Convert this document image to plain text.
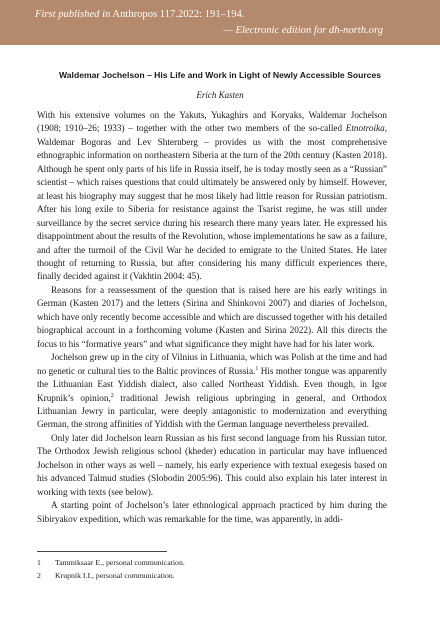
First published in Anthropos 117.2022: 191–194.
— Electronic edition for dh-north.org
Waldemar Jochelson – His Life and Work in Light of Newly Accessible Sources
Erich Kasten

With his extensive volumes on the Yakuts, Yukaghirs and Koryaks, Waldemar Jochelson (1908; 1910–26; 1933) – together with the other two members of the so-called Etnotroika, Waldemar Bogoras and Lev Shternberg – provides us with the most comprehensive ethnographic information on northeastern Siberia at the turn of the 20th century (Kasten 2018). Although he spent only parts of his life in Russia itself, he is today mostly seen as a “Russian” scientist – which raises questions that could ultimately be answered only by himself. However, at least his biography may suggest that he most likely had little reason for Russian patriotism. After his long exile to Siberia for resistance against the Tsarist regime, he was still under surveillance by the secret service during his research there many years later. He expressed his disappointment about the results of the Revolution, whose implementations he saw as a failure, and after the turmoil of the Civil War he decided to emigrate to the United States. He later thought of returning to Russia, but after considering his many difficult experiences there, finally decided against it (Vakhtin 2004: 45).

Reasons for a reassessment of the question that is raised here are his early writings in German (Kasten 2017) and the letters (Sirina and Shinkovoi 2007) and diaries of Jochelson, which have only recently become accessible and which are discussed together with his detailed biographical account in a forthcoming volume (Kasten and Sirina 2022). All this directs the focus to his “formative years” and what significance they might have had for his later work.

Jochelson grew up in the city of Vilnius in Lithuania, which was Polish at the time and had no genetic or cultural ties to the Baltic provinces of Russia.$^1$ His mother tongue was apparently the Lithuanian East Yiddish dialect, also called Northeast Yiddish. Even though, in Igor Krupnik’s opinion,$^2$ traditional Jewish religious upbringing in general, and Orthodox Lithuanian Jewry in particular, were deeply antagonistic to modernization and everything German, the strong affinities of Yiddish with the German language nevertheless prevailed.

Only later did Jochelson learn Russian as his first second language from his Russian tutor. The Orthodox Jewish religious school (kheder) education in particular may have influenced Jochelson in other ways as well – namely, his early experience with textual exegesis based on his advanced Talmud studies (Slobodin 2005:96). This could also explain his later interest in working with texts (see below).

A starting point of Jochelson’s later ethnological approach practiced by him during the Sibiryakov expedition, which was remarkable for the time, was apparently, in addi-

1 Tammiksaar E., personal communication.
2 Krupnik I.I., personal communication.
